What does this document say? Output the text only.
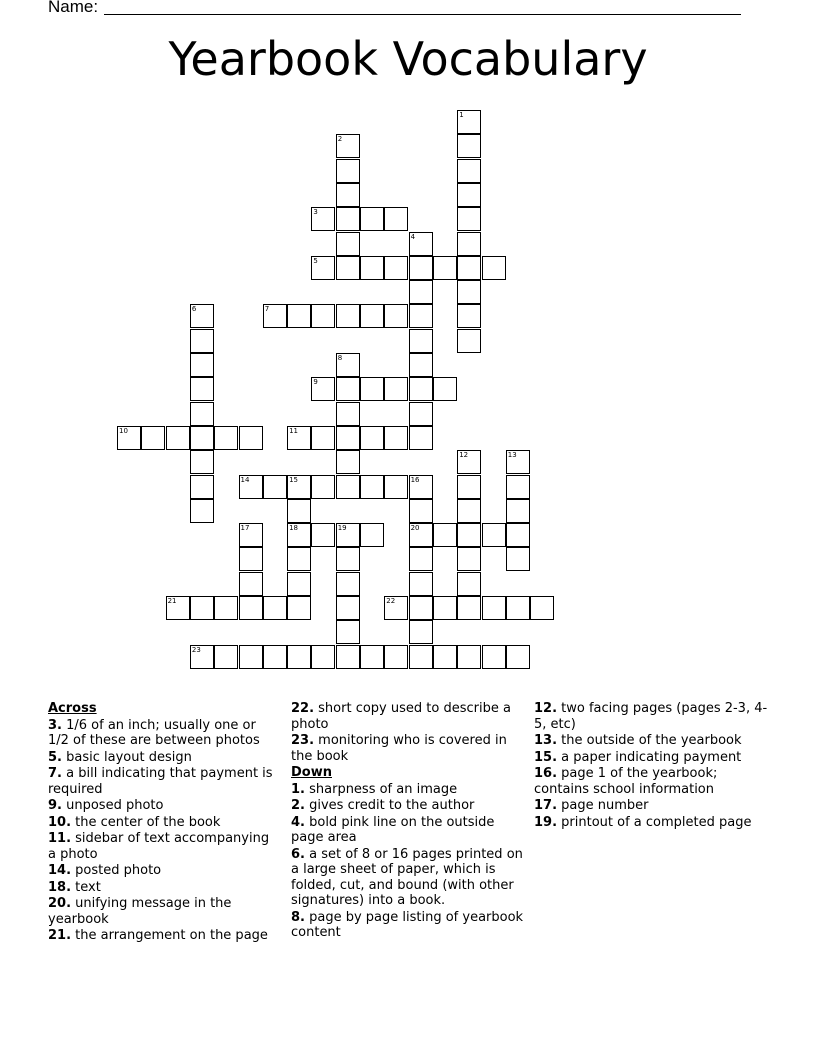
Name:
Yearbook Vocabulary
3
5
7
9
10	11
14	15	16
18	19	20
21	22
23
1
2
4
6
8
12	13
17
Across
3. 1/6 of an inch; usually one or 1/2 of these are between photos
5. basic layout design
7. a bill indicating that payment is required
9. unposed photo
10. the center of the book
11. sidebar of text accompanying a photo
14. posted photo
18. text
20. unifying message in the yearbook
21. the arrangement on the page
22. short copy used to describe a photo
23. monitoring who is covered in the book
Down
1. sharpness of an image
2. gives credit to the author
4. bold pink line on the outside page area
6. a set of 8 or 16 pages printed on a large sheet of paper, which is folded, cut, and bound (with other signatures) into a book.
8. page by page listing of yearbook content
12. two facing pages (pages 2-3, 4-5, etc)
13. the outside of the yearbook
15. a paper indicating payment
16. page 1 of the yearbook; contains school information
17. page number
19. printout of a completed page
